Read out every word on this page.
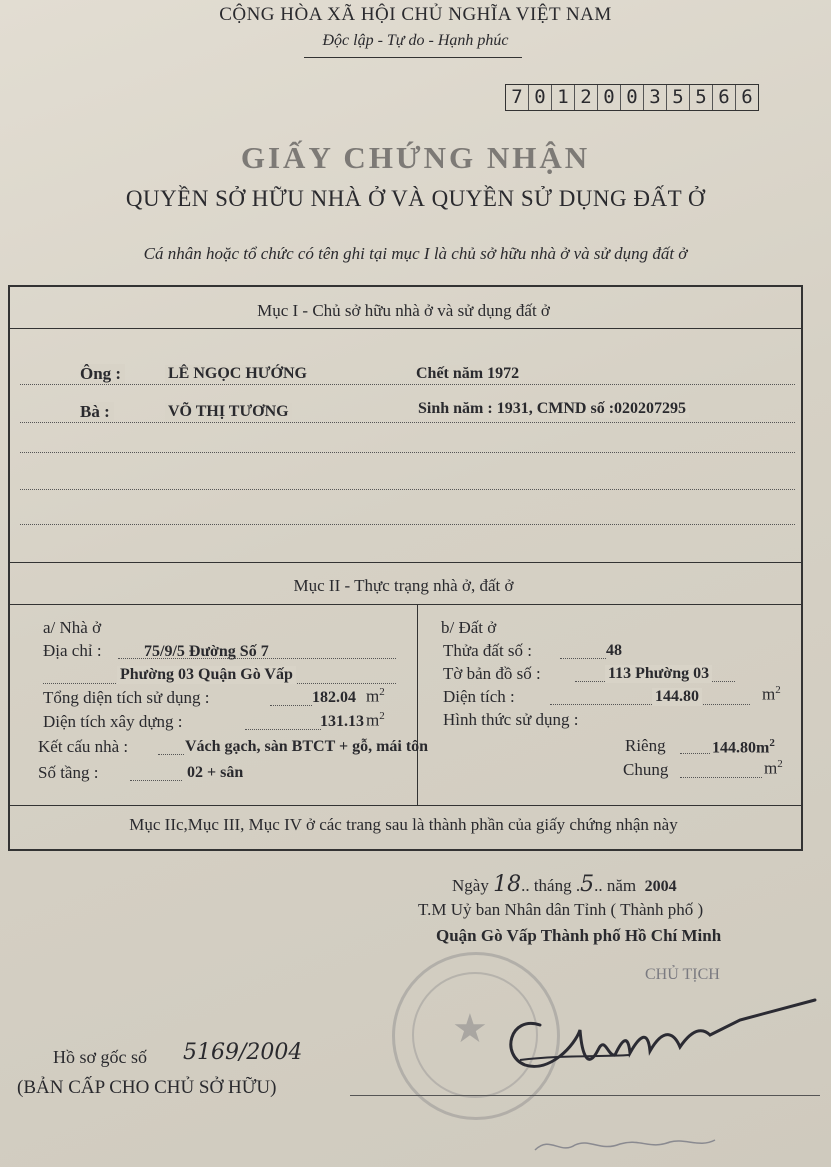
CỘNG HÒA XÃ HỘI CHỦ NGHĨA VIỆT NAM
Độc lập - Tự do - Hạnh phúc
7 0 1 2 0 0 3 5 5 6 6
GIẤY CHỨNG NHẬN
QUYỀN SỞ HỮU NHÀ Ở VÀ QUYỀN SỬ DỤNG ĐẤT Ở
Cá nhân hoặc tổ chức có tên ghi tại mục I là chủ sở hữu nhà ở và sử dụng đất ở
Mục I - Chủ sở hữu nhà ở và sử dụng đất ở
Ông :	LÊ NGỌC HƯỚNG	Chết năm 1972
Bà :	VÕ THỊ TƯƠNG	Sinh năm : 1931, CMND số :020207295
Mục II - Thực trạng nhà ở, đất ở
a/ Nhà ở
Địa chỉ :	75/9/5 Đường Số 7
Phường 03 Quận Gò Vấp
Tổng diện tích sử dụng :	182.04 $m^2$
Diện tích xây dựng :	131.13 $m^2$
Kết cấu nhà :	Vách gạch, sàn BTCT + gỗ, mái tôn
Số tầng :	02 + sân
b/ Đất ở
Thửa đất số :	48
Tờ bản đồ số :	113 Phường 03
Diện tích :	144.80	$m^2$
Hình thức sử dụng :
Riêng	$144.80m^2$
Chung	$m^2$
Mục IIc,Mục III, Mục IV ở các trang sau là thành phần của giấy chứng nhận này
Ngày 18.. tháng .5.. năm 2004
T.M Uỷ ban Nhân dân Tỉnh ( Thành phố )
Quận Gò Vấp Thành phố Hồ Chí Minh
CHỦ TỊCH
★
Hồ sơ gốc số 5169/2004
(BẢN CẤP CHO CHỦ SỞ HỮU)
